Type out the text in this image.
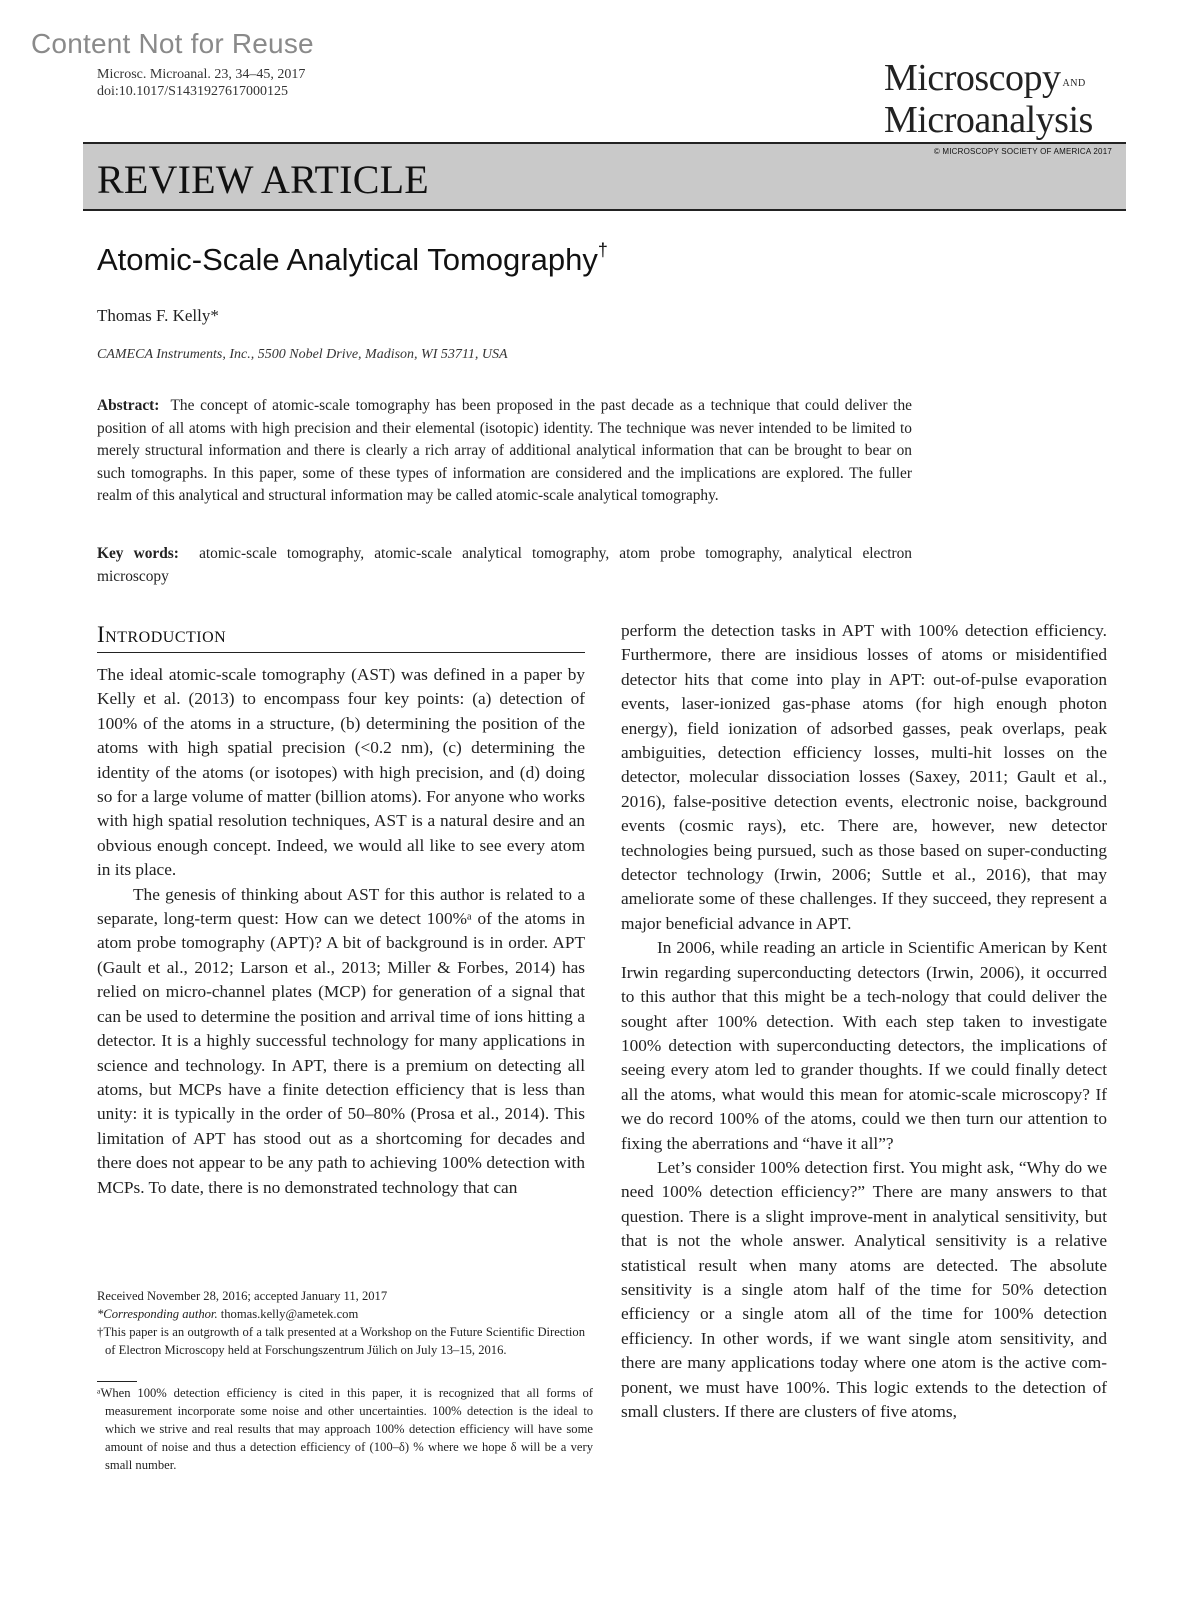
Content Not for Reuse
Microsc. Microanal. 23, 34–45, 2017
doi:10.1017/S1431927617000125	Microscopy AND
Microanalysis
REVIEW ARTICLE
© MICROSCOPY SOCIETY OF AMERICA 2017
Atomic-Scale Analytical Tomography†
Thomas F. Kelly*
CAMECA Instruments, Inc., 5500 Nobel Drive, Madison, WI 53711, USA
Abstract: The concept of atomic-scale tomography has been proposed in the past decade as a technique that could deliver the position of all atoms with high precision and their elemental (isotopic) identity. The technique was never intended to be limited to merely structural information and there is clearly a rich array of additional analytical information that can be brought to bear on such tomographs. In this paper, some of these types of information are considered and the implications are explored. The fuller realm of this analytical and structural information may be called atomic-scale analytical tomography.
Key words: atomic-scale tomography, atomic-scale analytical tomography, atom probe tomography, analytical electron microscopy
Introduction

The ideal atomic-scale tomography (AST) was defined in a paper by Kelly et al. (2013) to encompass four key points: (a) detection of 100% of the atoms in a structure, (b) determining the position of the atoms with high spatial precision (<0.2 nm), (c) determining the identity of the atoms (or isotopes) with high precision, and (d) doing so for a large volume of matter (billion atoms). For anyone who works with high spatial resolution techniques, AST is a natural desire and an obvious enough concept. Indeed, we would all like to see every atom in its place.

The genesis of thinking about AST for this author is related to a separate, long-term quest: How can we detect 100%ᵃ of the atoms in atom probe tomography (APT)? A bit of background is in order. APT (Gault et al., 2012; Larson et al., 2013; Miller & Forbes, 2014) has relied on micro-channel plates (MCP) for generation of a signal that can be used to determine the position and arrival time of ions hitting a detector. It is a highly successful technology for many applications in science and technology. In APT, there is a premium on detecting all atoms, but MCPs have a finite detection efficiency that is less than unity: it is typically in the order of 50–80% (Prosa et al., 2014). This limitation of APT has stood out as a shortcoming for decades and there does not appear to be any path to achieving 100% detection with MCPs. To date, there is no demonstrated technology that can

perform the detection tasks in APT with 100% detection efficiency. Furthermore, there are insidious losses of atoms or misidentified detector hits that come into play in APT: out-of-pulse evaporation events, laser-ionized gas-phase atoms (for high enough photon energy), field ionization of adsorbed gasses, peak overlaps, peak ambiguities, detection efficiency losses, multi-hit losses on the detector, molecular dissociation losses (Saxey, 2011; Gault et al., 2016), false-positive detection events, electronic noise, background events (cosmic rays), etc. There are, however, new detector technologies being pursued, such as those based on super-conducting detector technology (Irwin, 2006; Suttle et al., 2016), that may ameliorate some of these challenges. If they succeed, they represent a major beneficial advance in APT.

In 2006, while reading an article in Scientific American by Kent Irwin regarding superconducting detectors (Irwin, 2006), it occurred to this author that this might be a tech-nology that could deliver the sought after 100% detection. With each step taken to investigate 100% detection with superconducting detectors, the implications of seeing every atom led to grander thoughts. If we could finally detect all the atoms, what would this mean for atomic-scale microscopy? If we do record 100% of the atoms, could we then turn our attention to fixing the aberrations and “have it all”?

Let’s consider 100% detection first. You might ask, “Why do we need 100% detection efficiency?” There are many answers to that question. There is a slight improve-ment in analytical sensitivity, but that is not the whole answer. Analytical sensitivity is a relative statistical result when many atoms are detected. The absolute sensitivity is a single atom half of the time for 50% detection efficiency or a single atom all of the time for 100% detection efficiency. In other words, if we want single atom sensitivity, and there are many applications today where one atom is the active com-ponent, we must have 100%. This logic extends to the detection of small clusters. If there are clusters of five atoms,

Received November 28, 2016; accepted January 11, 2017
*Corresponding author. thomas.kelly@ametek.com
†This paper is an outgrowth of a talk presented at a Workshop on the Future Scientific Direction of Electron Microscopy held at Forschungszentrum Jülich on July 13–15, 2016.
ᵃWhen 100% detection efficiency is cited in this paper, it is recognized that all forms of measurement incorporate some noise and other uncertainties. 100% detection is the ideal to which we strive and real results that may approach 100% detection efficiency will have some amount of noise and thus a detection efficiency of (100–δ) % where we hope δ will be a very small number.
